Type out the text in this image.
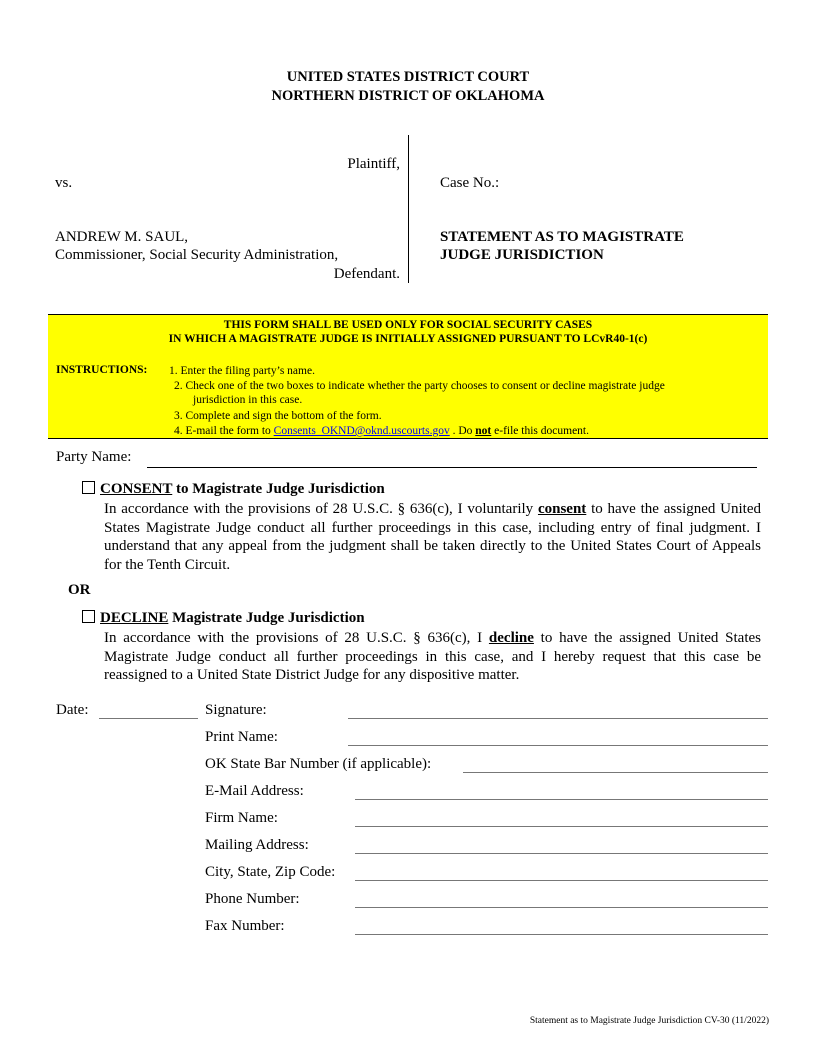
UNITED STATES DISTRICT COURT
NORTHERN DISTRICT OF OKLAHOMA
Plaintiff,
vs.	Case No.:
ANDREW M. SAUL,
Commissioner, Social Security Administration,
Defendant.
STATEMENT AS TO MAGISTRATE
JUDGE JURISDICTION
THIS FORM SHALL BE USED ONLY FOR SOCIAL SECURITY CASES
IN WHICH A MAGISTRATE JUDGE IS INITIALLY ASSIGNED PURSUANT TO LCvR40-1(c)
INSTRUCTIONS: 1. Enter the filing party’s name.
2. Check one of the two boxes to indicate whether the party chooses to consent or decline magistrate judge
jurisdiction in this case.
3. Complete and sign the bottom of the form.
4. E-mail the form to Consents_OKND@oknd.uscourts.gov . Do not e-file this document.
Party Name:
CONSENT to Magistrate Judge Jurisdiction
In accordance with the provisions of 28 U.S.C. § 636(c), I voluntarily consent to have the assigned United States Magistrate Judge conduct all further proceedings in this case, including entry of final judgment. I understand that any appeal from the judgment shall be taken directly to the United States Court of Appeals for the Tenth Circuit.
OR
DECLINE Magistrate Judge Jurisdiction
In accordance with the provisions of 28 U.S.C. § 636(c), I decline to have the assigned United States Magistrate Judge conduct all further proceedings in this case, and I hereby request that this case be reassigned to a United State District Judge for any dispositive matter.
Date:	Signature:
Print Name:
OK State Bar Number (if applicable):
E-Mail Address:
Firm Name:
Mailing Address:
City, State, Zip Code:
Phone Number:
Fax Number:
Statement as to Magistrate Judge Jurisdiction CV-30 (11/2022)
